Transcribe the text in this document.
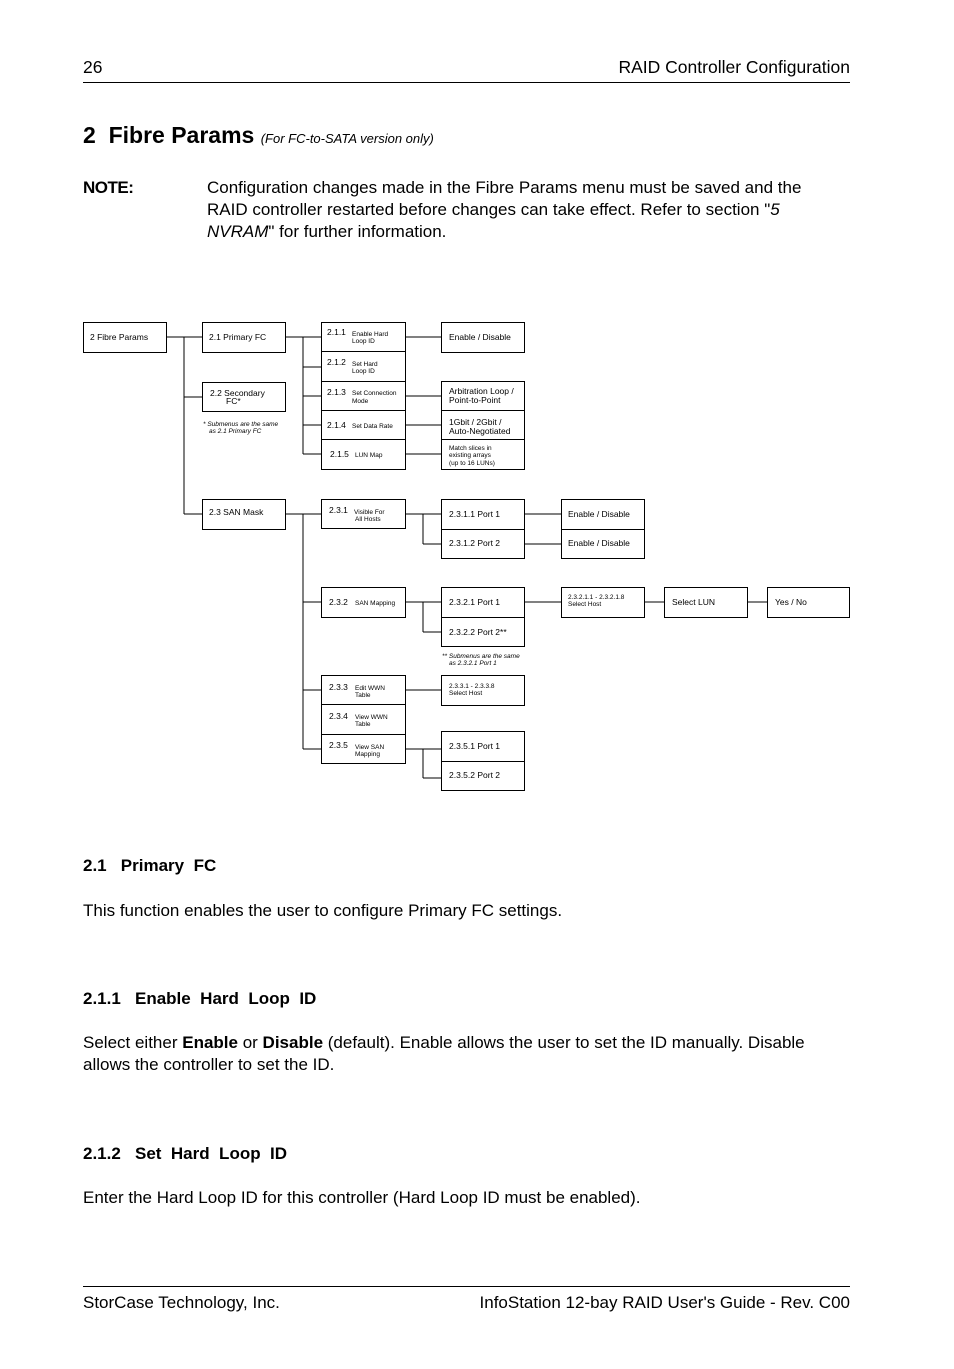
26	RAID Controller Configuration
2 Fibre Params (For FC-to-SATA version only)
NOTE:	Configuration changes made in the Fibre Params menu must be saved and the
RAID controller restarted before changes can take effect. Refer to section "5
NVRAM" for further information.
2 Fibre Params	2.1 Primary FC
2.2 Secondary
FC*
* Submenus are the same
as 2.1 Primary FC
2.3 SAN Mask
2.1.1 Enable Hard
Loop ID
2.1.2 Set Hard
Loop ID
2.1.3 Set Connection
Mode
2.1.4 Set Data Rate
2.1.5 LUN Map
Enable / Disable
Arbitration Loop /
Point-to-Point
1Gbit / 2Gbit /
Auto-Negotiated
Match slices in
existing arrays
(up to 16 LUNs)
2.3.1 Visible For
All Hosts
2.3.1.1 Port 1
2.3.1.2 Port 2
Enable / Disable
Enable / Disable
2.3.2 SAN Mapping	2.3.2.1 Port 1
2.3.2.2 Port 2**
** Submenus are the same
as 2.3.2.1 Port 1
2.3.2.1.1 - 2.3.2.1.8
Select Host	Select LUN	Yes / No
2.3.3 Edit WWN
Table
2.3.4 View WWN
Table
2.3.5 View SAN
Mapping
2.3.3.1 - 2.3.3.8
Select Host
2.3.5.1 Port 1
2.3.5.2 Port 2
2.1   Primary  FC
This function enables the user to configure Primary FC settings.
2.1.1   Enable  Hard  Loop  ID
Select either Enable or Disable (default). Enable allows the user to set the ID manually. Disable
allows the controller to set the ID.
2.1.2   Set  Hard  Loop  ID
Enter the Hard Loop ID for this controller (Hard Loop ID must be enabled).
StorCase Technology, Inc.	InfoStation 12-bay RAID User's Guide - Rev. C00
